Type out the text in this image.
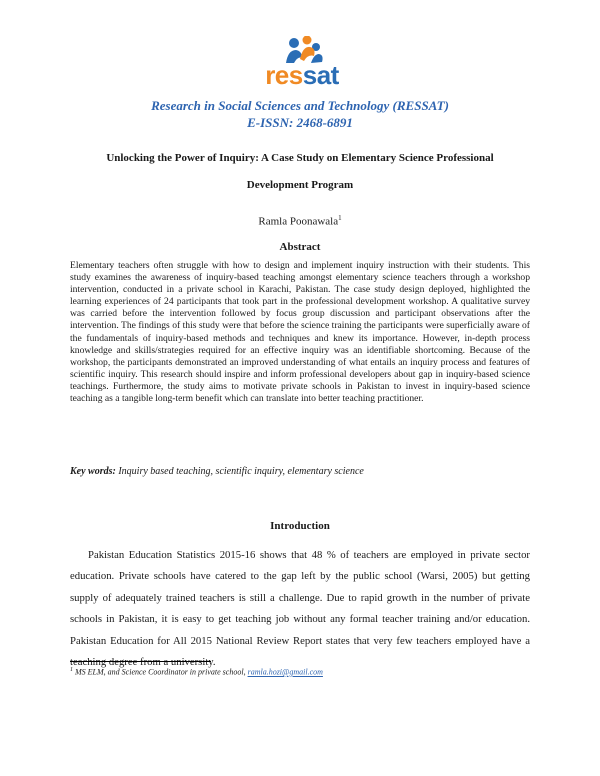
ressat
Research in Social Sciences and Technology (RESSAT)
E-ISSN: 2468-6891
Unlocking the Power of Inquiry: A Case Study on Elementary Science Professional
Development Program
Ramla Poonawala$^1$
Abstract

Elementary teachers often struggle with how to design and implement inquiry instruction with their students. This study examines the awareness of inquiry-based teaching amongst elementary science teachers through a workshop intervention, conducted in a private school in Karachi, Pakistan. The case study design deployed, highlighted the learning experiences of 24 participants that took part in the professional development workshop. A qualitative survey was carried before the intervention followed by focus group discussion and participant observations after the intervention. The findings of this study were that before the science training the participants were superficially aware of the fundamentals of inquiry-based methods and techniques and knew its importance. However, in-depth process knowledge and skills/strategies required for an effective inquiry was an identifiable shortcoming. Because of the workshop, the participants demonstrated an improved understanding of what entails an inquiry process and features of scientific inquiry. This research should inspire and inform professional developers about gap in inquiry-based science teachings. Furthermore, the study aims to motivate private schools in Pakistan to invest in inquiry-based science teaching as a tangible long-term benefit which can translate into better teaching practitioner.

Key words: Inquiry based teaching, scientific inquiry, elementary science

Introduction

Pakistan Education Statistics 2015-16 shows that 48 % of teachers are employed in private sector education. Private schools have catered to the gap left by the public school (Warsi, 2005) but getting supply of adequately trained teachers is still a challenge. Due to rapid growth in the number of private schools in Pakistan, it is easy to get teaching job without any formal teacher training and/or education. Pakistan Education for All 2015 National Review Report states that very few teachers employed have a teaching degree from a university.

$^1$ MS ELM, and Science Coordinator in private school, ramla.hozi@gmail.com
